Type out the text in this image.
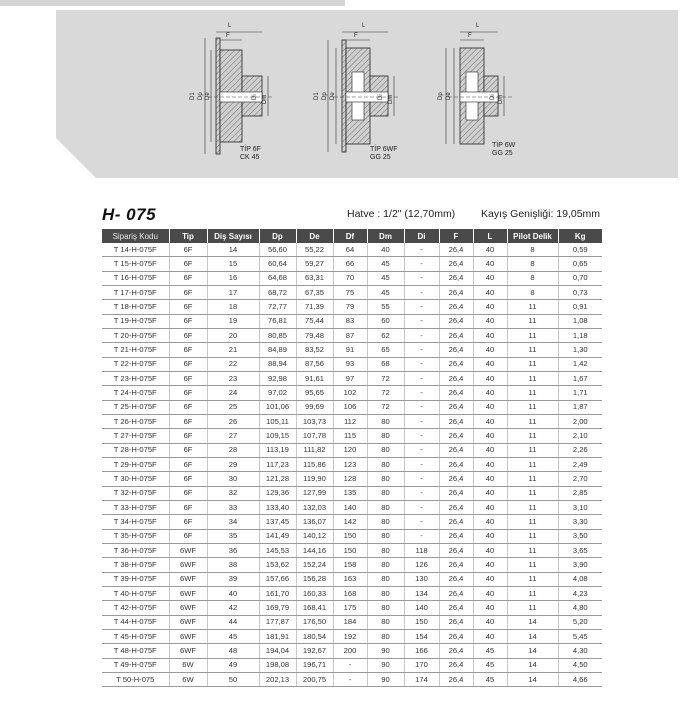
L
F
D1 Dp De	Dm
Di
TİP 6F
CK 45
L
F
D1 Dp De	Dm
Di
TİP 6WF
GG 25
L
F
Dp De	Dm
Di
TİP 6W
GG 25
H- 075	Hatve : 1/2" (12,70mm) Kayış Genişliği: 19,05mm
Sipariş Kodu	Tip	Diş Sayısı	Dp	De	Df	Dm	Di	F	L	Pilot Delik	Kg
T 14-H-075F	6F	14	56,60	55,22	64	40	-	26,4	40	8	0,59
T 15-H-075F	6F	15	60,64	59,27	66	45	-	26,4	40	8	0,65
T 16-H-075F	6F	16	64,68	63,31	70	45	-	26,4	40	8	0,70
T 17-H-075F	6F	17	68,72	67,35	75	45	-	26,4	40	8	0,73
T 18-H-075F	6F	18	72,77	71,39	79	55	-	26,4	40	11	0,91
T 19-H-075F	6F	19	76,81	75,44	83	60	-	26,4	40	11	1,08
T 20-H-075F	6F	20	80,85	79,48	87	62	-	26,4	40	11	1,18
T 21-H-075F	6F	21	84,89	83,52	91	65	-	26,4	40	11	1,30
T 22-H-075F	6F	22	88,94	87,56	93	68	-	26,4	40	11	1,42
T 23-H-075F	6F	23	92,98	91,61	97	72	-	26,4	40	11	1,67
T 24-H-075F	6F	24	97,02	95,65	102	72	-	26,4	40	11	1,71
T 25-H-075F	6F	25	101,06	99,69	106	72	-	26,4	40	11	1,87
T 26-H-075F	6F	26	105,11	103,73	112	80	-	26,4	40	11	2,00
T 27-H-075F	6F	27	109,15	107,78	115	80	-	26,4	40	11	2,10
T 28-H-075F	6F	28	113,19	111,82	120	80	-	26,4	40	11	2,26
T 29-H-075F	6F	29	117,23	115,86	123	80	-	26,4	40	11	2,49
T 30-H-075F	6F	30	121,28	119,90	128	80	-	26,4	40	11	2,70
T 32-H-075F	6F	32	129,36	127,99	135	80	-	26,4	40	11	2,85
T 33-H-075F	6F	33	133,40	132,03	140	80	-	26,4	40	11	3,10
T 34-H-075F	6F	34	137,45	136,07	142	80	-	26,4	40	11	3,30
T 35-H-075F	6F	35	141,49	140,12	150	80	-	26,4	40	11	3,50
T 36-H-075F	6WF	36	145,53	144,16	150	80	118	26,4	40	11	3,65
T 38-H-075F	6WF	38	153,62	152,24	158	80	126	26,4	40	11	3,90
T 39-H-075F	6WF	39	157,66	156,28	163	80	130	26,4	40	11	4,08
T 40-H-075F	6WF	40	161,70	160,33	168	80	134	26,4	40	11	4,23
T 42-H-075F	6WF	42	169,79	168,41	175	80	140	26,4	40	11	4,80
T 44-H-075F	6WF	44	177,87	176,50	184	80	150	26,4	40	14	5,20
T 45-H-075F	6WF	45	181,91	180,54	192	80	154	26,4	40	14	5,45
T 48-H-075F	6WF	48	194,04	192,67	200	90	166	26,4	45	14	4,30
T 49-H-075F	6W	49	198,08	196,71	-	90	170	26,4	45	14	4,50
T 50-H-075	6W	50	202,13	200,75	-	90	174	26,4	45	14	4,66
